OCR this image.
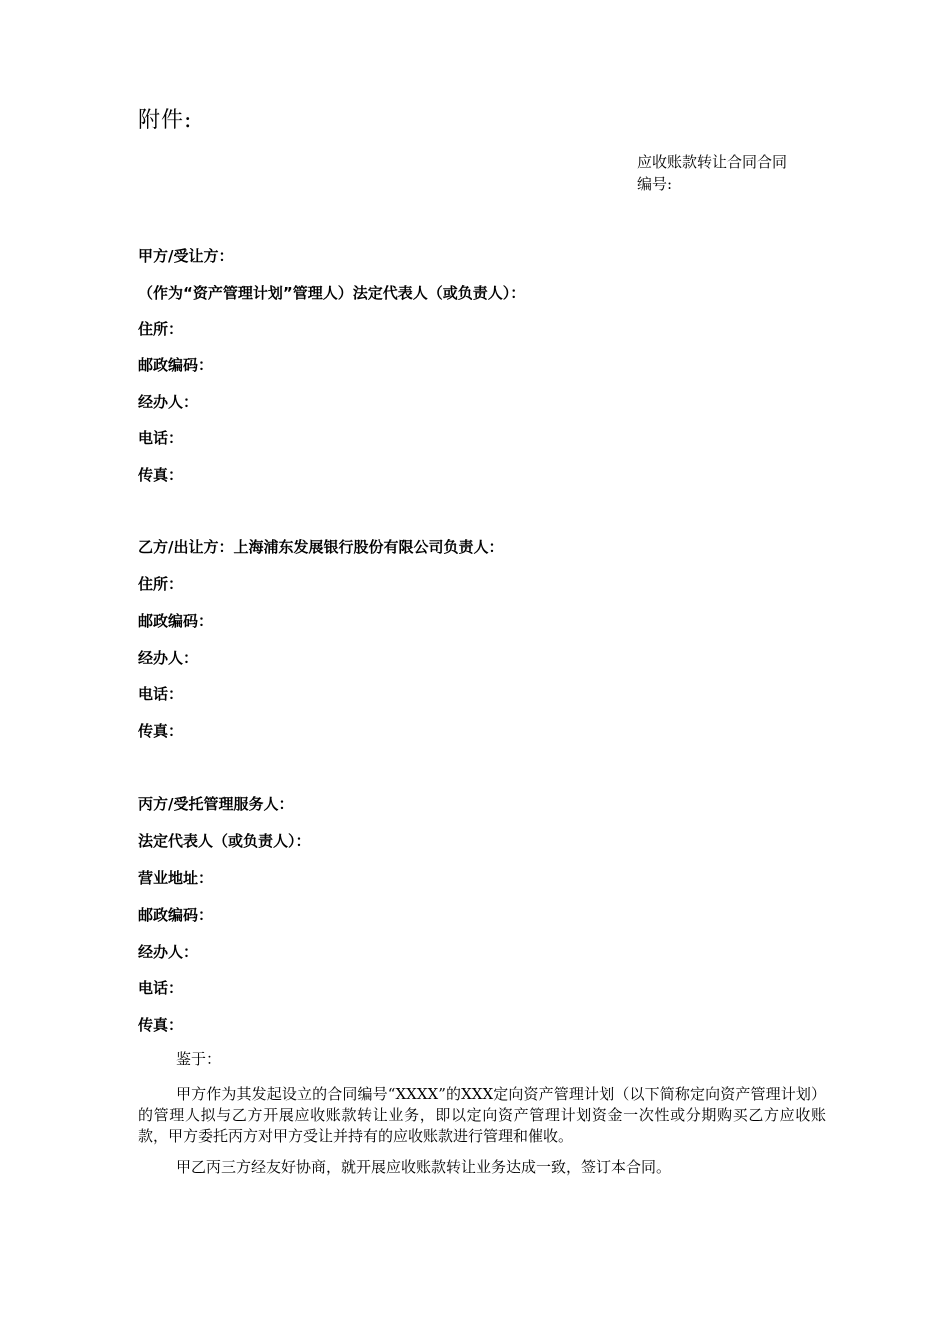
附件:
应收账款转让合同合同
编号:
甲方/受让方：
（作为“资产管理计划”管理人）法定代表人（或负责人）：
住所：
邮政编码：
经办人：
电话：
传真：
乙方/出让方：上海浦东发展银行股份有限公司负责人：
住所：
邮政编码：
经办人：
电话：
传真：
丙方/受托管理服务人：
法定代表人（或负责人）：
营业地址：
邮政编码：
经办人：
电话：
传真：
鉴于：
甲方作为其发起设立的合同编号“XXXX”的XXX定向资产管理计划（以下简称定向资产管理计划）的管理人拟与乙方开展应收账款转让业务，即以定向资产管理计划资金一次性或分期购买乙方应收账款，甲方委托丙方对甲方受让并持有的应收账款进行管理和催收。
甲乙丙三方经友好协商，就开展应收账款转让业务达成一致，签订本合同。
